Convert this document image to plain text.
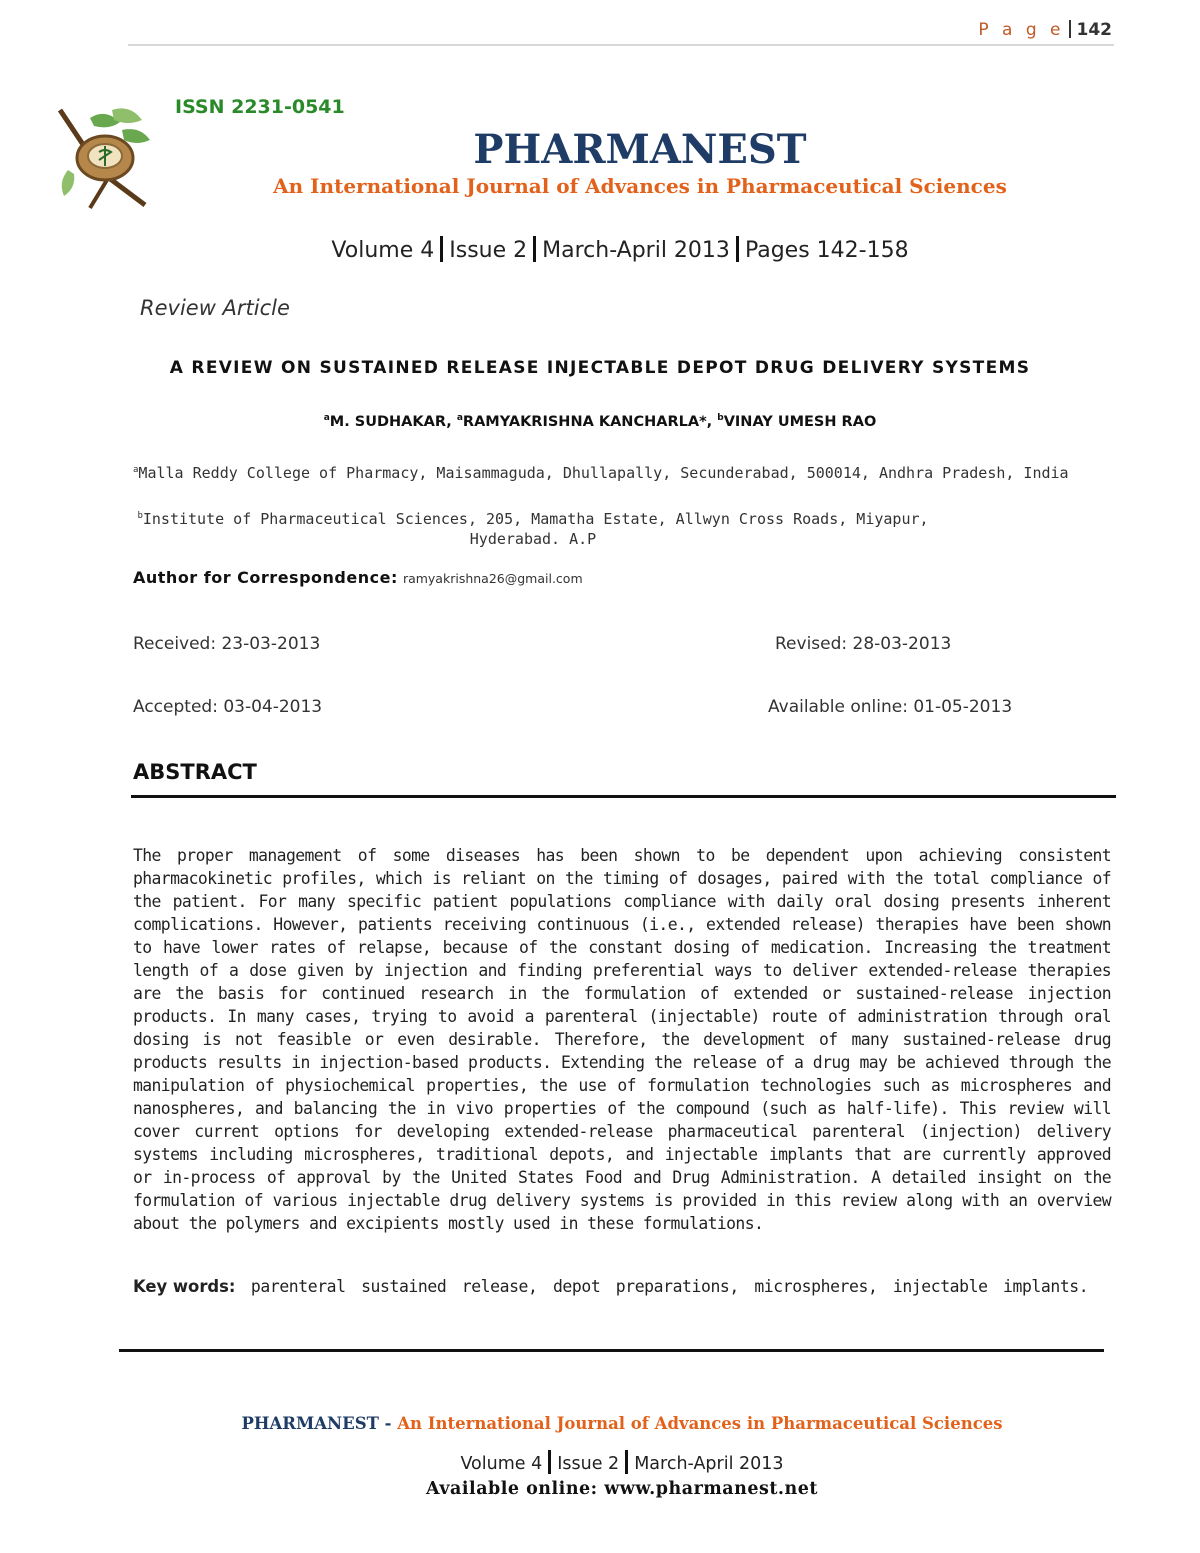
P a g e 142
ISSN 2231-0541
PHARMANEST
An International Journal of Advances in Pharmaceutical Sciences
Volume 4 Issue 2 March-April 2013 Pages 142-158
Review Article
A REVIEW ON SUSTAINED RELEASE INJECTABLE DEPOT DRUG DELIVERY SYSTEMS
$^a$M. SUDHAKAR, $^a$RAMYAKRISHNA KANCHARLA*, $^b$VINAY UMESH RAO
$^a$Malla Reddy College of Pharmacy, Maisammaguda, Dhullapally, Secunderabad, 500014, Andhra Pradesh, India
$^b$Institute of Pharmaceutical Sciences, 205, Mamatha Estate, Allwyn Cross Roads, Miyapur,
Hyderabad. A.P
Author for Correspondence: ramyakrishna26@gmail.com
Received: 23-03-2013	Revised: 28-03-2013
Accepted: 03-04-2013	Available online: 01-05-2013
ABSTRACT

The proper management of some diseases has been shown to be dependent upon achieving consistent pharmacokinetic profiles, which is reliant on the timing of dosages, paired with the total compliance of the patient. For many specific patient populations compliance with daily oral dosing presents inherent complications. However, patients receiving continuous (i.e., extended release) therapies have been shown to have lower rates of relapse, because of the constant dosing of medication. Increasing the treatment length of a dose given by injection and finding preferential ways to deliver extended-release therapies are the basis for continued research in the formulation of extended or sustained-release injection products. In many cases, trying to avoid a parenteral (injectable) route of administration through oral dosing is not feasible or even desirable. Therefore, the development of many sustained-release drug products results in injection-based products. Extending the release of a drug may be achieved through the manipulation of physiochemical properties, the use of formulation technologies such as microspheres and nanospheres, and balancing the in vivo properties of the compound (such as half-life). This review will cover current options for developing extended-release pharmaceutical parenteral (injection) delivery systems including microspheres, traditional depots, and injectable implants that are currently approved or in-process of approval by the United States Food and Drug Administration. A detailed insight on the formulation of various injectable drug delivery systems is provided in this review along with an overview about the polymers and excipients mostly used in these formulations.

Key words: parenteral sustained release, depot preparations, microspheres, injectable implants.
PHARMANEST - An International Journal of Advances in Pharmaceutical Sciences
Volume 4 Issue 2 March-April 2013
Available online: www.pharmanest.net
